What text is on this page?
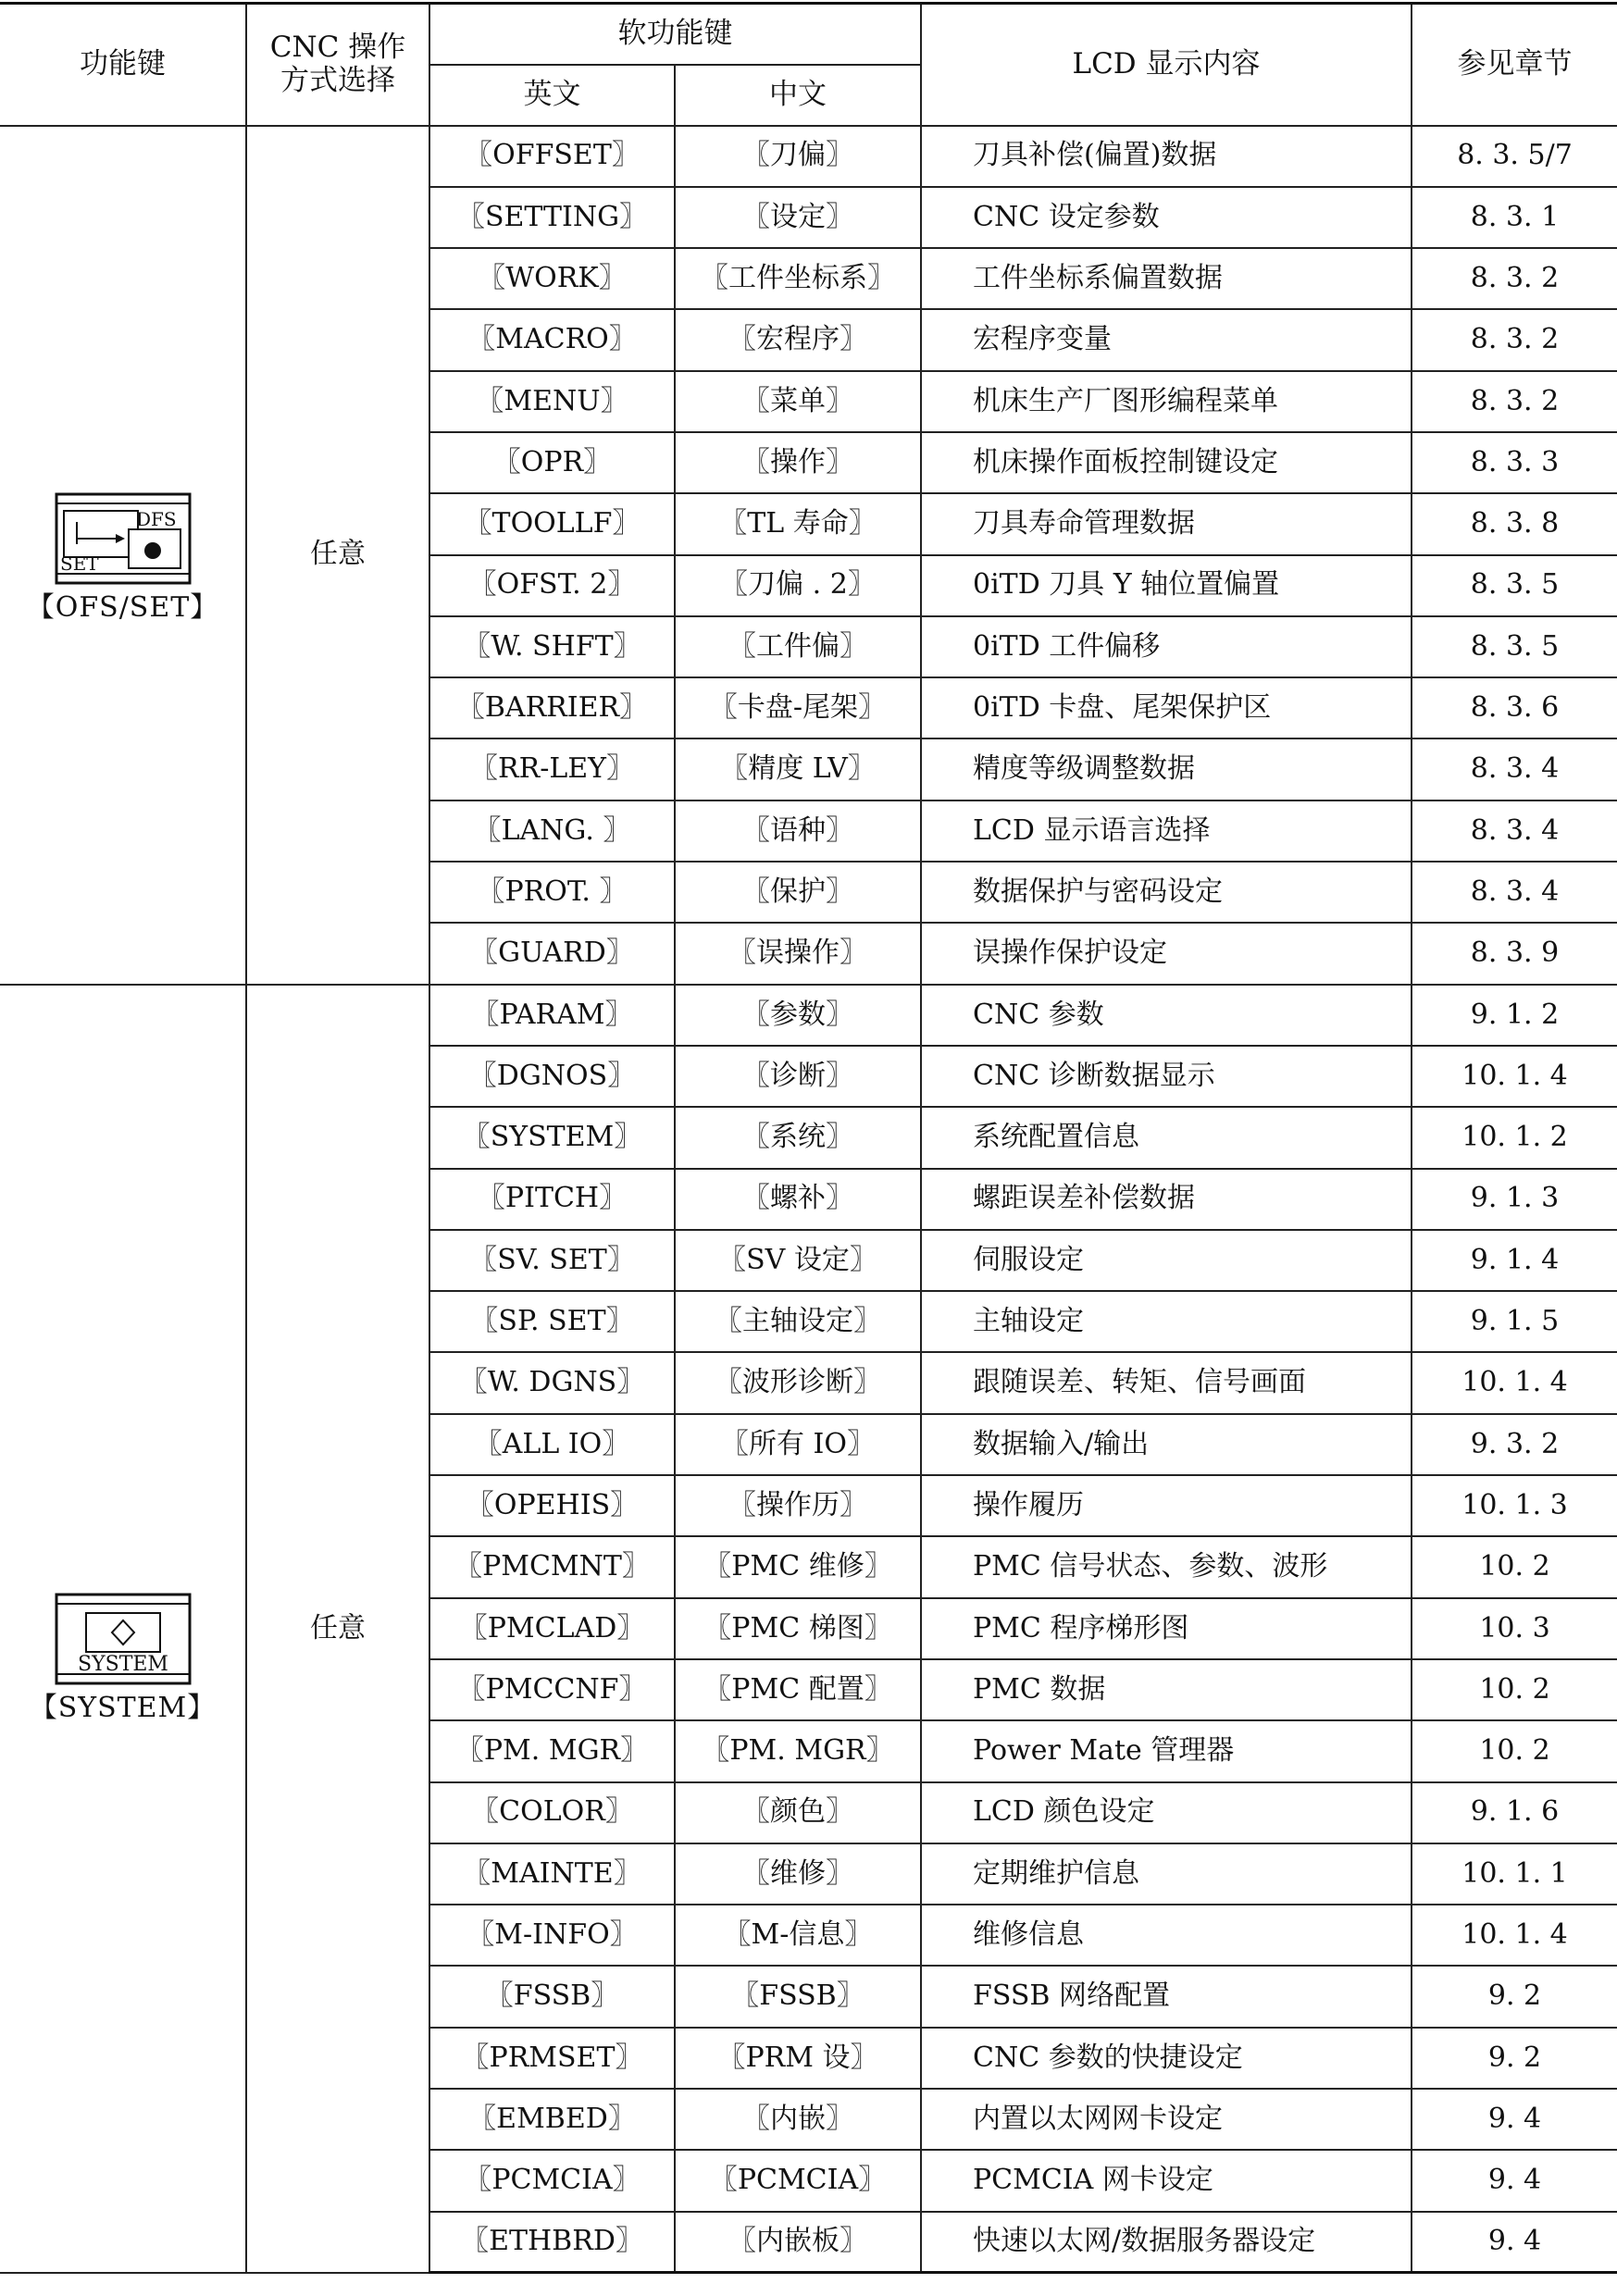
功能键	CNC 操作
方式选择	软功能键		LCD 显示内容	参见章节
		英文	中文		

DFS
SET
【OFS/SET】	任意	〖OFFSET〗	〖刀偏〗	刀具补偿(偏置)数据	8. 3. 5/7
		〖SETTING〗	〖设定〗	CNC 设定参数	8. 3. 1
		〖WORK〗	〖工件坐标系〗	工件坐标系偏置数据	8. 3. 2
		〖MACRO〗	〖宏程序〗	宏程序变量	8. 3. 2
		〖MENU〗	〖菜单〗	机床生产厂图形编程菜单	8. 3. 2
		〖OPR〗	〖操作〗	机床操作面板控制键设定	8. 3. 3
		〖TOOLLF〗	〖TL 寿命〗	刀具寿命管理数据	8. 3. 8
		〖OFST. 2〗	〖刀偏 . 2〗	0iTD 刀具 Y 轴位置偏置	8. 3. 5
		〖W. SHFT〗	〖工件偏〗	0iTD 工件偏移	8. 3. 5
		〖BARRIER〗	〖卡盘-尾架〗	0iTD 卡盘、尾架保护区	8. 3. 6
		〖RR-LEY〗	〖精度 LV〗	精度等级调整数据	8. 3. 4
		〖LANG. 〗	〖语种〗	LCD 显示语言选择	8. 3. 4
		〖PROT. 〗	〖保护〗	数据保护与密码设定	8. 3. 4
		〖GUARD〗	〖误操作〗	误操作保护设定	8. 3. 9

SYSTEM
【SYSTEM】	任意	〖PARAM〗	〖参数〗	CNC 参数	9. 1. 2
		〖DGNOS〗	〖诊断〗	CNC 诊断数据显示	10. 1. 4
		〖SYSTEM〗	〖系统〗	系统配置信息	10. 1. 2
		〖PITCH〗	〖螺补〗	螺距误差补偿数据	9. 1. 3
		〖SV. SET〗	〖SV 设定〗	伺服设定	9. 1. 4
		〖SP. SET〗	〖主轴设定〗	主轴设定	9. 1. 5
		〖W. DGNS〗	〖波形诊断〗	跟随误差、转矩、信号画面	10. 1. 4
		〖ALL IO〗	〖所有 IO〗	数据输入/输出	9. 3. 2
		〖OPEHIS〗	〖操作历〗	操作履历	10. 1. 3
		〖PMCMNT〗	〖PMC 维修〗	PMC 信号状态、参数、波形	10. 2
		〖PMCLAD〗	〖PMC 梯图〗	PMC 程序梯形图	10. 3
		〖PMCCNF〗	〖PMC 配置〗	PMC 数据	10. 2
		〖PM. MGR〗	〖PM. MGR〗	Power Mate 管理器	10. 2
		〖COLOR〗	〖颜色〗	LCD 颜色设定	9. 1. 6
		〖MAINTE〗	〖维修〗	定期维护信息	10. 1. 1
		〖M-INFO〗	〖M-信息〗	维修信息	10. 1. 4
		〖FSSB〗	〖FSSB〗	FSSB 网络配置	9. 2
		〖PRMSET〗	〖PRM 设〗	CNC 参数的快捷设定	9. 2
		〖EMBED〗	〖内嵌〗	内置以太网网卡设定	9. 4
		〖PCMCIA〗	〖PCMCIA〗	PCMCIA 网卡设定	9. 4
		〖ETHBRD〗	〖内嵌板〗	快速以太网/数据服务器设定	9. 4
